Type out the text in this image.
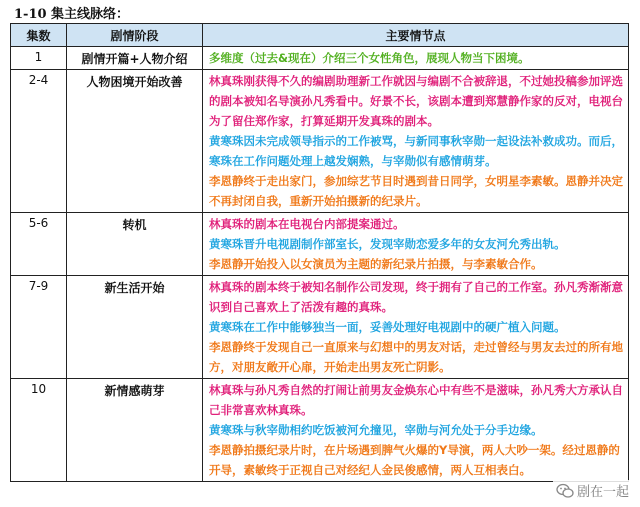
1-10 集主线脉络：
集数	剧情阶段	主要情节点
1	剧情开篇+人物介绍	多维度（过去&现在）介绍三个女性角色，展现人物当下困境。

2-4	人物困境开始改善	林真珠刚获得不久的编剧助理新工作就因与编剧不合被辞退，不过她投稿参加评选的剧本被知名导演孙凡秀看中。好景不长，该剧本遭到郑慧静作家的反对，电视台为了留住郑作家，打算延期开发真珠的剧本。

黄寒珠因未完成领导指示的工作被骂，与新同事秋宰勋一起设法补救成功。而后，寒珠在工作问题处理上越发娴熟，与宰勋似有感情萌芽。

李恩静终于走出家门，参加综艺节目时遇到昔日同学，女明星李素敏。恩静并决定不再封闭自我，重新开始拍摄新的纪录片。

5-6	转机	林真珠的剧本在电视台内部提案通过。

黄寒珠晋升电视剧制作部室长，发现宰勋恋爱多年的女友河允秀出轨。

李恩静开始投入以女演员为主题的新纪录片拍摄，与李素敏合作。

7-9	新生活开始	林真珠的剧本终于被知名制作公司发现，终于拥有了自己的工作室。孙凡秀渐渐意识到自己喜欢上了活泼有趣的真珠。

黄寒珠在工作中能够独当一面，妥善处理好电视剧中的硬广植入问题。

李恩静终于发现自己一直原来与幻想中的男友对话，走过曾经与男友去过的所有地方，对朋友敞开心扉，开始走出男友死亡阴影。

10	新情感萌芽	林真珠与孙凡秀自然的打闹让前男友金焕东心中有些不是滋味，孙凡秀大方承认自己非常喜欢林真珠。

黄寒珠与秋宰勋相约吃饭被河允撞见，宰勋与河允处于分手边缘。

李恩静拍摄纪录片时，在片场遇到脾气火爆的Y导演，两人大吵一架。经过恩静的开导，素敏终于正视自己对经纪人金民俊感情，两人互相表白。

剧在一起
